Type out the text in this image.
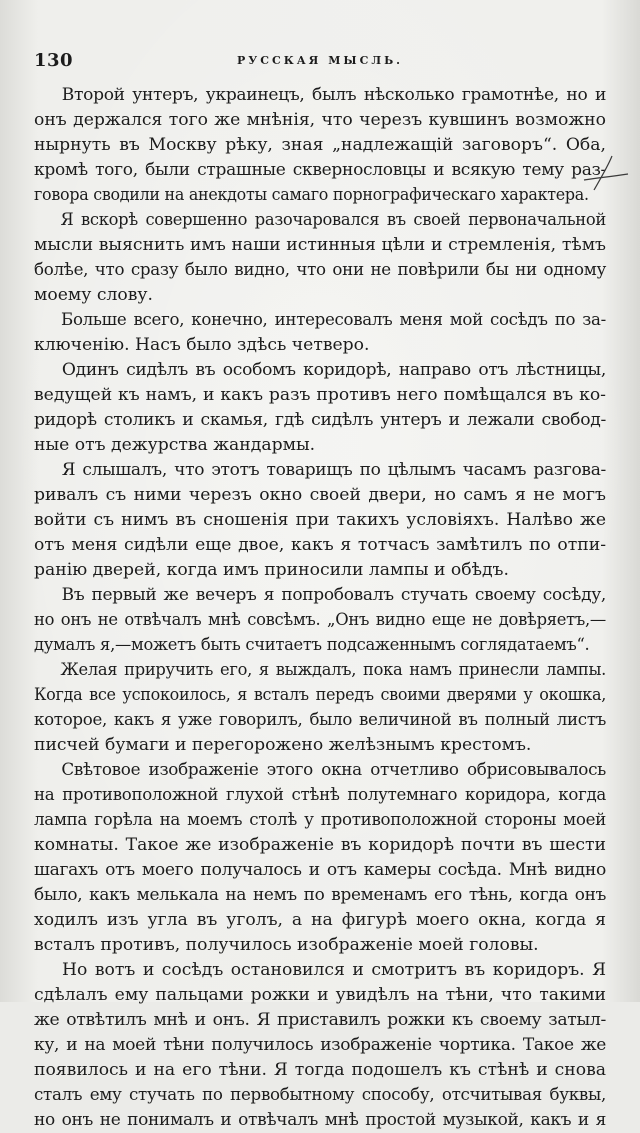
130	РУССКАЯ МЫСЛЬ.
Второй унтеръ, украинецъ, былъ нѣсколько грамотнѣе, но и
онъ держался того же мнѣнія, что черезъ кувшинъ возможно
нырнуть въ Москву рѣку, зная „надлежащій заговоръ“. Оба,
кромѣ того, были страшные сквернословцы и всякую тему раз-
говора сводили на анекдоты самаго порнографическаго характера.
Я вскорѣ совершенно разочаровался въ своей первоначальной
мысли выяснить имъ наши истинныя цѣли и стремленія, тѣмъ
болѣе, что сразу было видно, что они не повѣрили бы ни одному
моему слову.
Больше всего, конечно, интересовалъ меня мой сосѣдъ по за-
ключенію. Насъ было здѣсь четверо.
Одинъ сидѣлъ въ особомъ коридорѣ, направо отъ лѣстницы,
ведущей къ намъ, и какъ разъ противъ него помѣщался въ ко-
ридорѣ столикъ и скамья, гдѣ сидѣлъ унтеръ и лежали свобод-
ные отъ дежурства жандармы.
Я слышалъ, что этотъ товарищъ по цѣлымъ часамъ разгова-
ривалъ съ ними черезъ окно своей двери, но самъ я не могъ
войти съ нимъ въ сношенія при такихъ условіяхъ. Налѣво же
отъ меня сидѣли еще двое, какъ я тотчасъ замѣтилъ по отпи-
ранію дверей, когда имъ приносили лампы и обѣдъ.
Въ первый же вечеръ я попробовалъ стучать своему сосѣду,
но онъ не отвѣчалъ мнѣ совсѣмъ. „Онъ видно еще не довѣряетъ,—
думалъ я,—можетъ быть считаетъ подсаженнымъ соглядатаемъ“.
Желая приручить его, я выждалъ, пока намъ принесли лампы.
Когда все успокоилось, я всталъ передъ своими дверями у окошка,
которое, какъ я уже говорилъ, было величиной въ полный листъ
писчей бумаги и перегорожено желѣзнымъ крестомъ.
Свѣтовое изображеніе этого окна отчетливо обрисовывалось
на противоположной глухой стѣнѣ полутемнаго коридора, когда
лампа горѣла на моемъ столѣ у противоположной стороны моей
комнаты. Такое же изображеніе въ коридорѣ почти въ шести
шагахъ отъ моего получалось и отъ камеры сосѣда. Мнѣ видно
было, какъ мелькала на немъ по временамъ его тѣнь, когда онъ
ходилъ изъ угла въ уголъ, а на фигурѣ моего окна, когда я
всталъ противъ, получилось изображеніе моей головы.
Но вотъ и сосѣдъ остановился и смотритъ въ коридоръ. Я
сдѣлалъ ему пальцами рожки и увидѣлъ на тѣни, что такими
же отвѣтилъ мнѣ и онъ. Я приставилъ рожки къ своему затыл-
ку, и на моей тѣни получилось изображеніе чортика. Такое же
появилось и на его тѣни. Я тогда подошелъ къ стѣнѣ и снова
сталъ ему стучать по первобытному способу, отсчитывая буквы,
но онъ не понималъ и отвѣчалъ мнѣ простой музыкой, какъ и я
